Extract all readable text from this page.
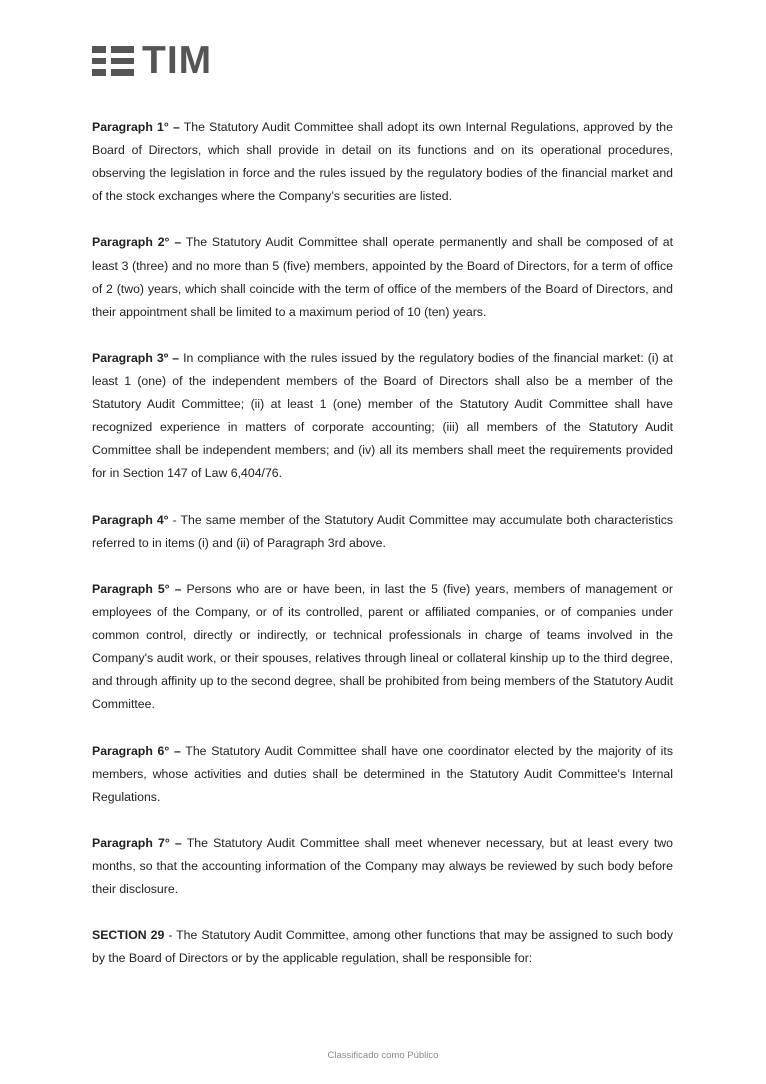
TIM

Paragraph 1° – The Statutory Audit Committee shall adopt its own Internal Regulations, approved by the Board of Directors, which shall provide in detail on its functions and on its operational procedures, observing the legislation in force and the rules issued by the regulatory bodies of the financial market and of the stock exchanges where the Company’s securities are listed.

Paragraph 2° – The Statutory Audit Committee shall operate permanently and shall be composed of at least 3 (three) and no more than 5 (five) members, appointed by the Board of Directors, for a term of office of 2 (two) years, which shall coincide with the term of office of the members of the Board of Directors, and their appointment shall be limited to a maximum period of 10 (ten) years.

Paragraph 3º – In compliance with the rules issued by the regulatory bodies of the financial market: (i) at least 1 (one) of the independent members of the Board of Directors shall also be a member of the Statutory Audit Committee; (ii) at least 1 (one) member of the Statutory Audit Committee shall have recognized experience in matters of corporate accounting; (iii) all members of the Statutory Audit Committee shall be independent members; and (iv) all its members shall meet the requirements provided for in Section 147 of Law 6,404/76.

Paragraph 4° - The same member of the Statutory Audit Committee may accumulate both characteristics referred to in items (i) and (ii) of Paragraph 3rd above.

Paragraph 5° – Persons who are or have been, in last the 5 (five) years, members of management or employees of the Company, or of its controlled, parent or affiliated companies, or of companies under common control, directly or indirectly, or technical professionals in charge of teams involved in the Company's audit work, or their spouses, relatives through lineal or collateral kinship up to the third degree, and through affinity up to the second degree, shall be prohibited from being members of the Statutory Audit Committee.

Paragraph 6° – The Statutory Audit Committee shall have one coordinator elected by the majority of its members, whose activities and duties shall be determined in the Statutory Audit Committee's Internal Regulations.

Paragraph 7° – The Statutory Audit Committee shall meet whenever necessary, but at least every two months, so that the accounting information of the Company may always be reviewed by such body before their disclosure.

SECTION 29 - The Statutory Audit Committee, among other functions that may be assigned to such body by the Board of Directors or by the applicable regulation, shall be responsible for:

Classificado como Público
